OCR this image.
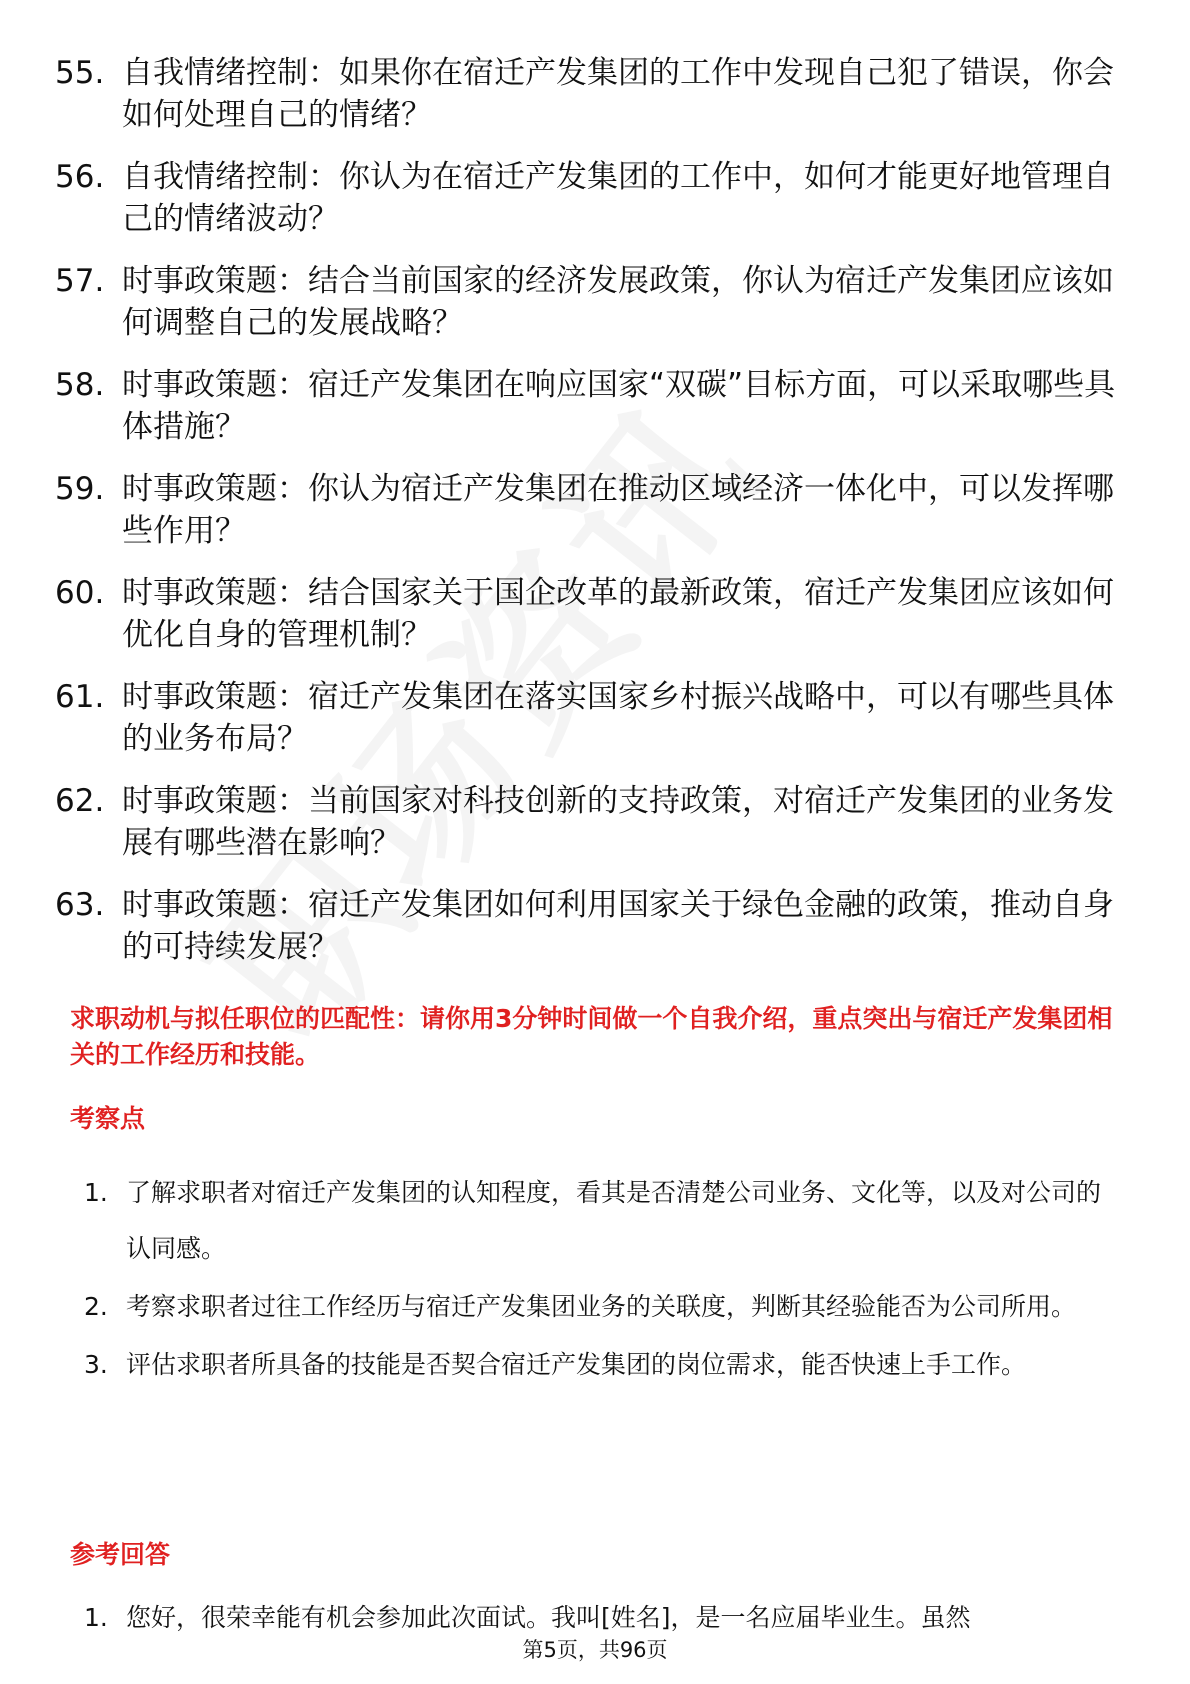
55. 自我情绪控制：如果你在宿迁产发集团的工作中发现自己犯了错误，你会如何处理自己的情绪？
56. 自我情绪控制：你认为在宿迁产发集团的工作中，如何才能更好地管理自己的情绪波动？
57. 时事政策题：结合当前国家的经济发展政策，你认为宿迁产发集团应该如何调整自己的发展战略？
58. 时事政策题：宿迁产发集团在响应国家“双碳”目标方面，可以采取哪些具体措施？
59. 时事政策题：你认为宿迁产发集团在推动区域经济一体化中，可以发挥哪些作用？
60. 时事政策题：结合国家关于国企改革的最新政策，宿迁产发集团应该如何优化自身的管理机制？
61. 时事政策题：宿迁产发集团在落实国家乡村振兴战略中，可以有哪些具体的业务布局？
62. 时事政策题：当前国家对科技创新的支持政策，对宿迁产发集团的业务发展有哪些潜在影响？
63. 时事政策题：宿迁产发集团如何利用国家关于绿色金融的政策，推动自身的可持续发展？
求职动机与拟任职位的匹配性：请你用3分钟时间做一个自我介绍，重点突出与宿迁产发集团相关的工作经历和技能。
考察点
1. 了解求职者对宿迁产发集团的认知程度，看其是否清楚公司业务、文化等，以及对公司的认同感。
2. 考察求职者过往工作经历与宿迁产发集团业务的关联度，判断其经验能否为公司所用。
3. 评估求职者所具备的技能是否契合宿迁产发集团的岗位需求，能否快速上手工作。
参考回答
1. 您好，很荣幸能有机会参加此次面试。我叫[姓名]，是一名应届毕业生。虽然
第5页，共96页
